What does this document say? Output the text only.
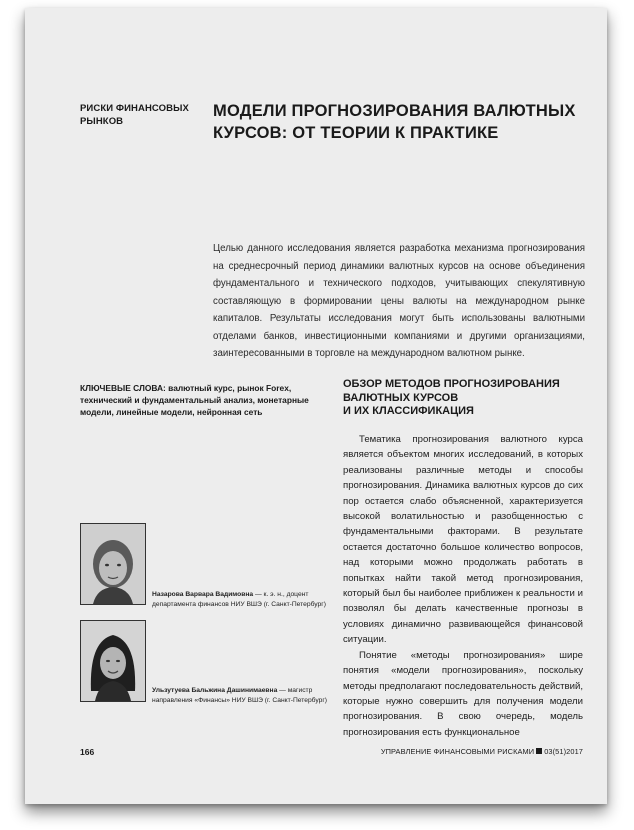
РИСКИ ФИНАНСОВЫХ РЫНКОВ
МОДЕЛИ ПРОГНОЗИРОВАНИЯ ВАЛЮТНЫХ КУРСОВ: ОТ ТЕОРИИ К ПРАКТИКЕ

Целью данного исследования является разработка механизма прогнозирования на среднесрочный период динамики валютных курсов на основе объединения фундаментального и технического подходов, учитывающих спекулятивную составляющую в формировании цены валюты на международном рынке капиталов. Результаты исследования могут быть использованы валютными отделами банков, инвестиционными компаниями и другими организациями, заинтересованными в торговле на международном валютном рынке.

КЛЮЧЕВЫЕ СЛОВА: валютный курс, рынок Forex, технический и фундаментальный анализ, монетарные модели, линейные модели, нейронная сеть

ОБЗОР МЕТОДОВ ПРОГНОЗИРОВАНИЯ
ВАЛЮТНЫХ КУРСОВ
И ИХ КЛАССИФИКАЦИЯ

Тематика прогнозирования валютного курса является объектом многих исследований, в которых реализованы различные методы и способы прогнозирования. Динамика валютных курсов до сих пор остается слабо объясненной, характеризуется высокой волатильностью и разобщенностью с фундаментальными факторами. В результате остается достаточно большое количество вопросов, над которыми можно продолжать работать в попытках найти такой метод прогнозирования, который был бы наиболее приближен к реальности и позволял бы делать качественные прогнозы в условиях динамично развивающейся финансовой ситуации.

Понятие «методы прогнозирования» шире понятия «модели прогнозирования», поскольку методы предполагают последовательность действий, которые нужно совершить для получения модели прогнозирования. В свою очередь, модель прогнозирования есть функциональное

Назарова Варвара Вадимовна — к. э. н., доцент
департамента финансов НИУ ВШЭ (г. Санкт-Петербург)

Ульзутуева Бальжина Дашинимаевна — магистр
направления «Финансы» НИУ ВШЭ (г. Санкт-Петербург)

166	УПРАВЛЕНИЕ ФИНАНСОВЫМИ РИСКАМИ 03(51)2017
